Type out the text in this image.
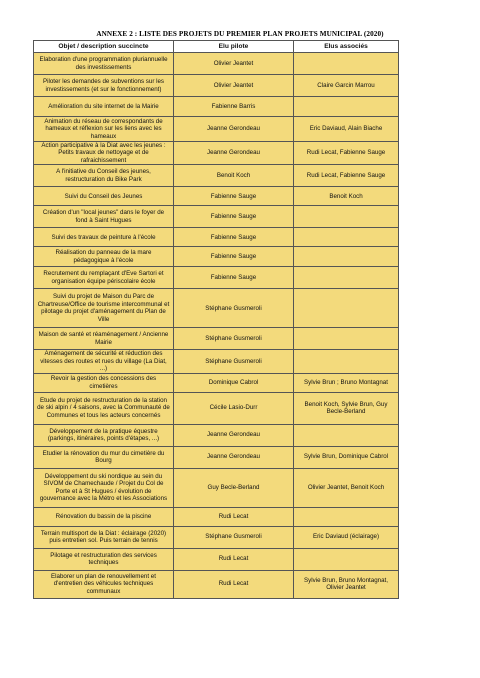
ANNEXE 2 : LISTE DES PROJETS DU PREMIER PLAN PROJETS MUNICIPAL (2020)
Objet / description succincte	Elu pilote	Elus associés
Elaboration d'une programmation pluriannuelle des investissements	Olivier Jeantet	
Piloter les demandes de subventions sur les investissements (et sur le fonctionnement)	Olivier Jeantet	Claire Garcin Marrou
Amélioration du site internet de la Mairie	Fabienne Barris	
Animation du réseau de correspondants de hameaux et réflexion sur les liens avec les hameaux	Jeanne Gerondeau	Eric Daviaud, Alain Biache
Action participative à la Diat avec les jeunes : Petits travaux de nettoyage et de rafraichissement	Jeanne Gerondeau	Rudi Lecat, Fabienne Sauge
A l'initiative du Conseil des jeunes, restructuration du Bike Park	Benoit Koch	Rudi Lecat, Fabienne Sauge
Suivi du Conseil des Jeunes	Fabienne Sauge	Benoit Koch
Création d'un "local jeunes" dans le foyer de fond à Saint Hugues	Fabienne Sauge	
Suivi des travaux de peinture à l'école	Fabienne Sauge	
Réalisation du panneau de la mare pédagogique à l'école	Fabienne Sauge	
Recrutement du remplaçant d'Eve Sartori et organisation équipe périscolaire école	Fabienne Sauge	
Suivi du projet de Maison du Parc de Chartreuse/Office de tourisme intercommunal et pilotage du projet d'aménagement du Plan de Ville	Stéphane Gusmeroli	
Maison de santé et réaménagement / Ancienne Mairie	Stéphane Gusmeroli	
Aménagement de sécurité et réduction des vitesses des routes et rues du village (La Diat, ...)	Stéphane Gusmeroli	
Revoir la gestion des concessions des cimetières	Dominique Cabrol	Sylvie Brun ; Bruno Montagnat
Etude du projet de restructuration de la station de ski alpin / 4 saisons, avec la Communauté de Communes et tous les acteurs concernés	Cécile Lasio-Durr	Benoit Koch, Sylvie Brun, Guy Becle-Berland
Développement de la pratique équestre (parkings, itinéraires, points d'étapes, ...)	Jeanne Gerondeau	
Etudier la rénovation du mur du cimetière du Bourg	Jeanne Gerondeau	Sylvie Brun, Dominique Cabrol
Développement du ski nordique au sein du SIVOM de Chamechaude / Projet du Col de Porte et à St Hugues / évolution de gouvernance avec la Métro et les Associations	Guy Becle-Berland	Olivier Jeantet, Benoit Koch
Rénovation du bassin de la piscine	Rudi Lecat	
Terrain multisport de la Diat : éclairage (2020) puis entretien sol. Puis terrain de tennis	Stéphane Gusmeroli	Eric Daviaud (éclairage)
Pilotage et restructuration des services techniques	Rudi Lecat	
Elaborer un plan de renouvellement et d'entretien des véhicules techniques communaux	Rudi Lecat	Sylvie Brun, Bruno Montagnat, Olivier Jeantet
